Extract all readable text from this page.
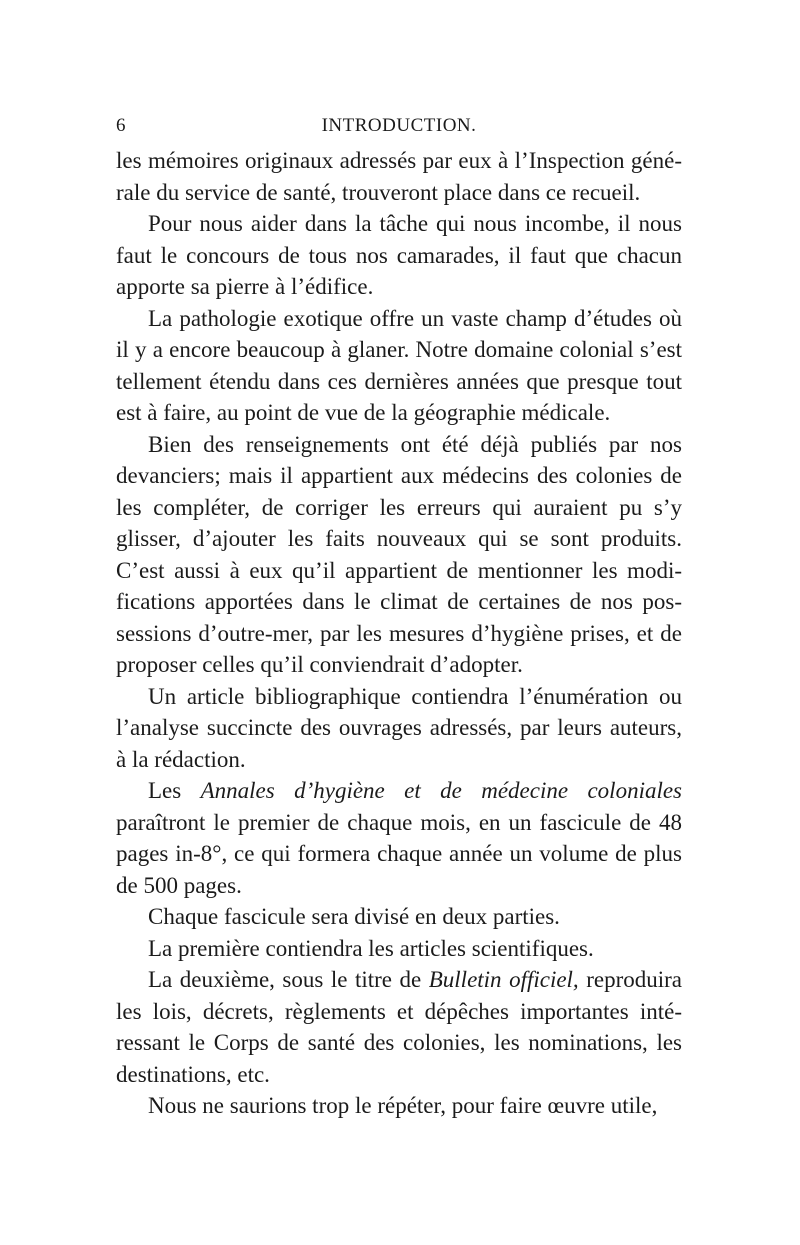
6	INTRODUCTION.

les mémoires originaux adressés par eux à l’Inspection géné-rale du service de santé, trouveront place dans ce recueil.

Pour nous aider dans la tâche qui nous incombe, il nous faut le concours de tous nos camarades, il faut que chacun apporte sa pierre à l’édifice.

La pathologie exotique offre un vaste champ d’études où il y a encore beaucoup à glaner. Notre domaine colonial s’est tellement étendu dans ces dernières années que presque tout est à faire, au point de vue de la géographie médicale.

Bien des renseignements ont été déjà publiés par nos devanciers; mais il appartient aux médecins des colonies de les compléter, de corriger les erreurs qui auraient pu s’y glisser, d’ajouter les faits nouveaux qui se sont produits. C’est aussi à eux qu’il appartient de mentionner les modi-fications apportées dans le climat de certaines de nos pos-sessions d’outre-mer, par les mesures d’hygiène prises, et de proposer celles qu’il conviendrait d’adopter.

Un article bibliographique contiendra l’énumération ou l’analyse succincte des ouvrages adressés, par leurs auteurs, à la rédaction.

Les Annales d’hygiène et de médecine coloniales paraîtront le premier de chaque mois, en un fascicule de 48 pages in-8°, ce qui formera chaque année un volume de plus de 500 pages.

Chaque fascicule sera divisé en deux parties.

La première contiendra les articles scientifiques.

La deuxième, sous le titre de Bulletin officiel, reproduira les lois, décrets, règlements et dépêches importantes inté-ressant le Corps de santé des colonies, les nominations, les destinations, etc.

Nous ne saurions trop le répéter, pour faire œuvre utile,
